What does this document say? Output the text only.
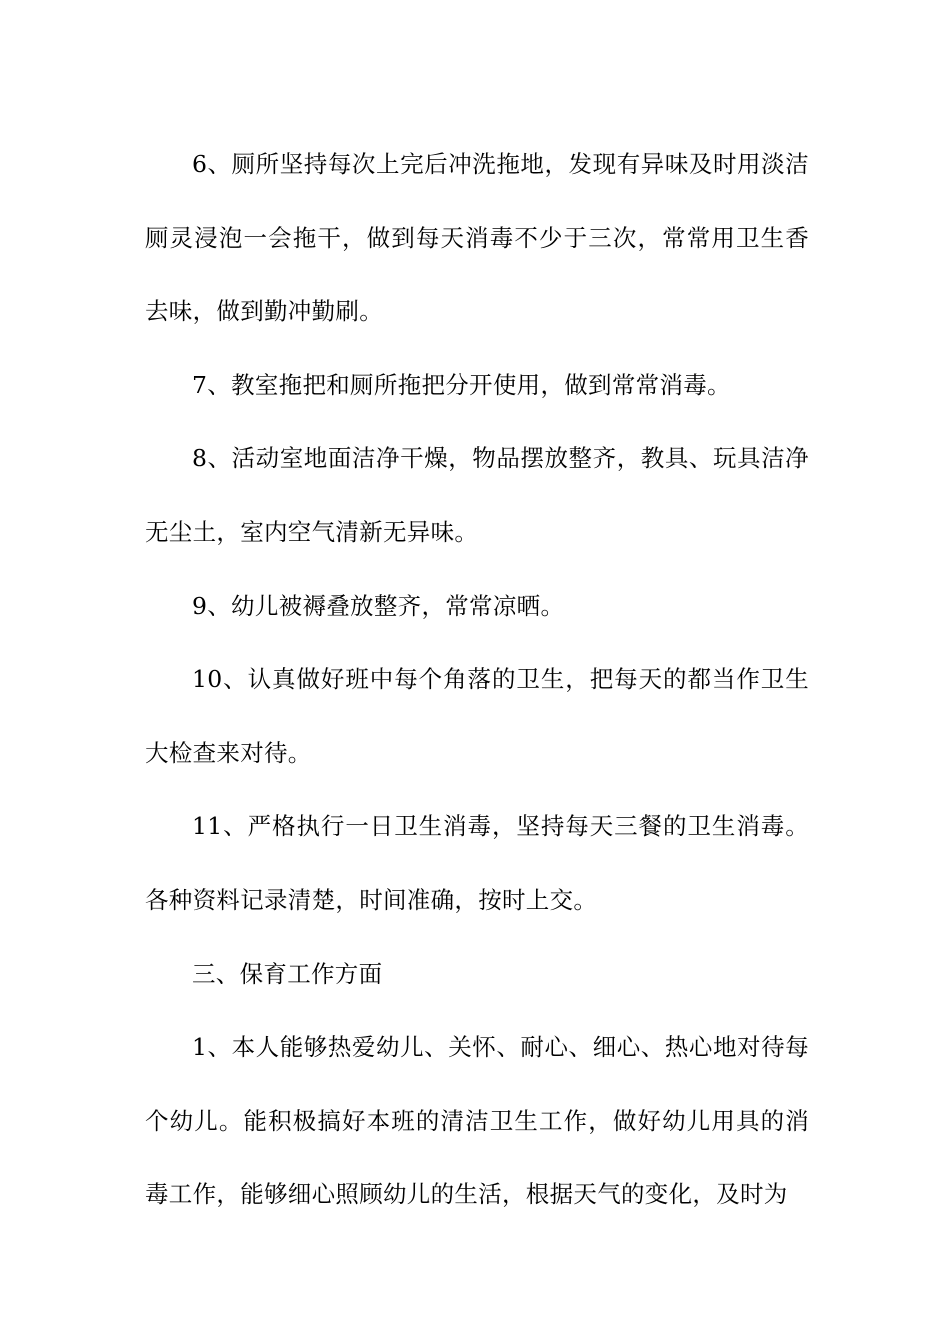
6、厕所坚持每次上完后冲洗拖地，发现有异味及时用淡洁厕灵浸泡一会拖干，做到每天消毒不少于三次，常常用卫生香去味，做到勤冲勤刷。

7、教室拖把和厕所拖把分开使用，做到常常消毒。

8、活动室地面洁净干燥，物品摆放整齐，教具、玩具洁净无尘土，室内空气清新无异味。

9、幼儿被褥叠放整齐，常常凉晒。

10、认真做好班中每个角落的卫生，把每天的都当作卫生大检查来对待。

11、严格执行一日卫生消毒，坚持每天三餐的卫生消毒。各种资料记录清楚，时间准确，按时上交。

三、保育工作方面

1、本人能够热爱幼儿、关怀、耐心、细心、热心地对待每个幼儿。能积极搞好本班的清洁卫生工作，做好幼儿用具的消毒工作，能够细心照顾幼儿的生活，根据天气的变化，及时为
